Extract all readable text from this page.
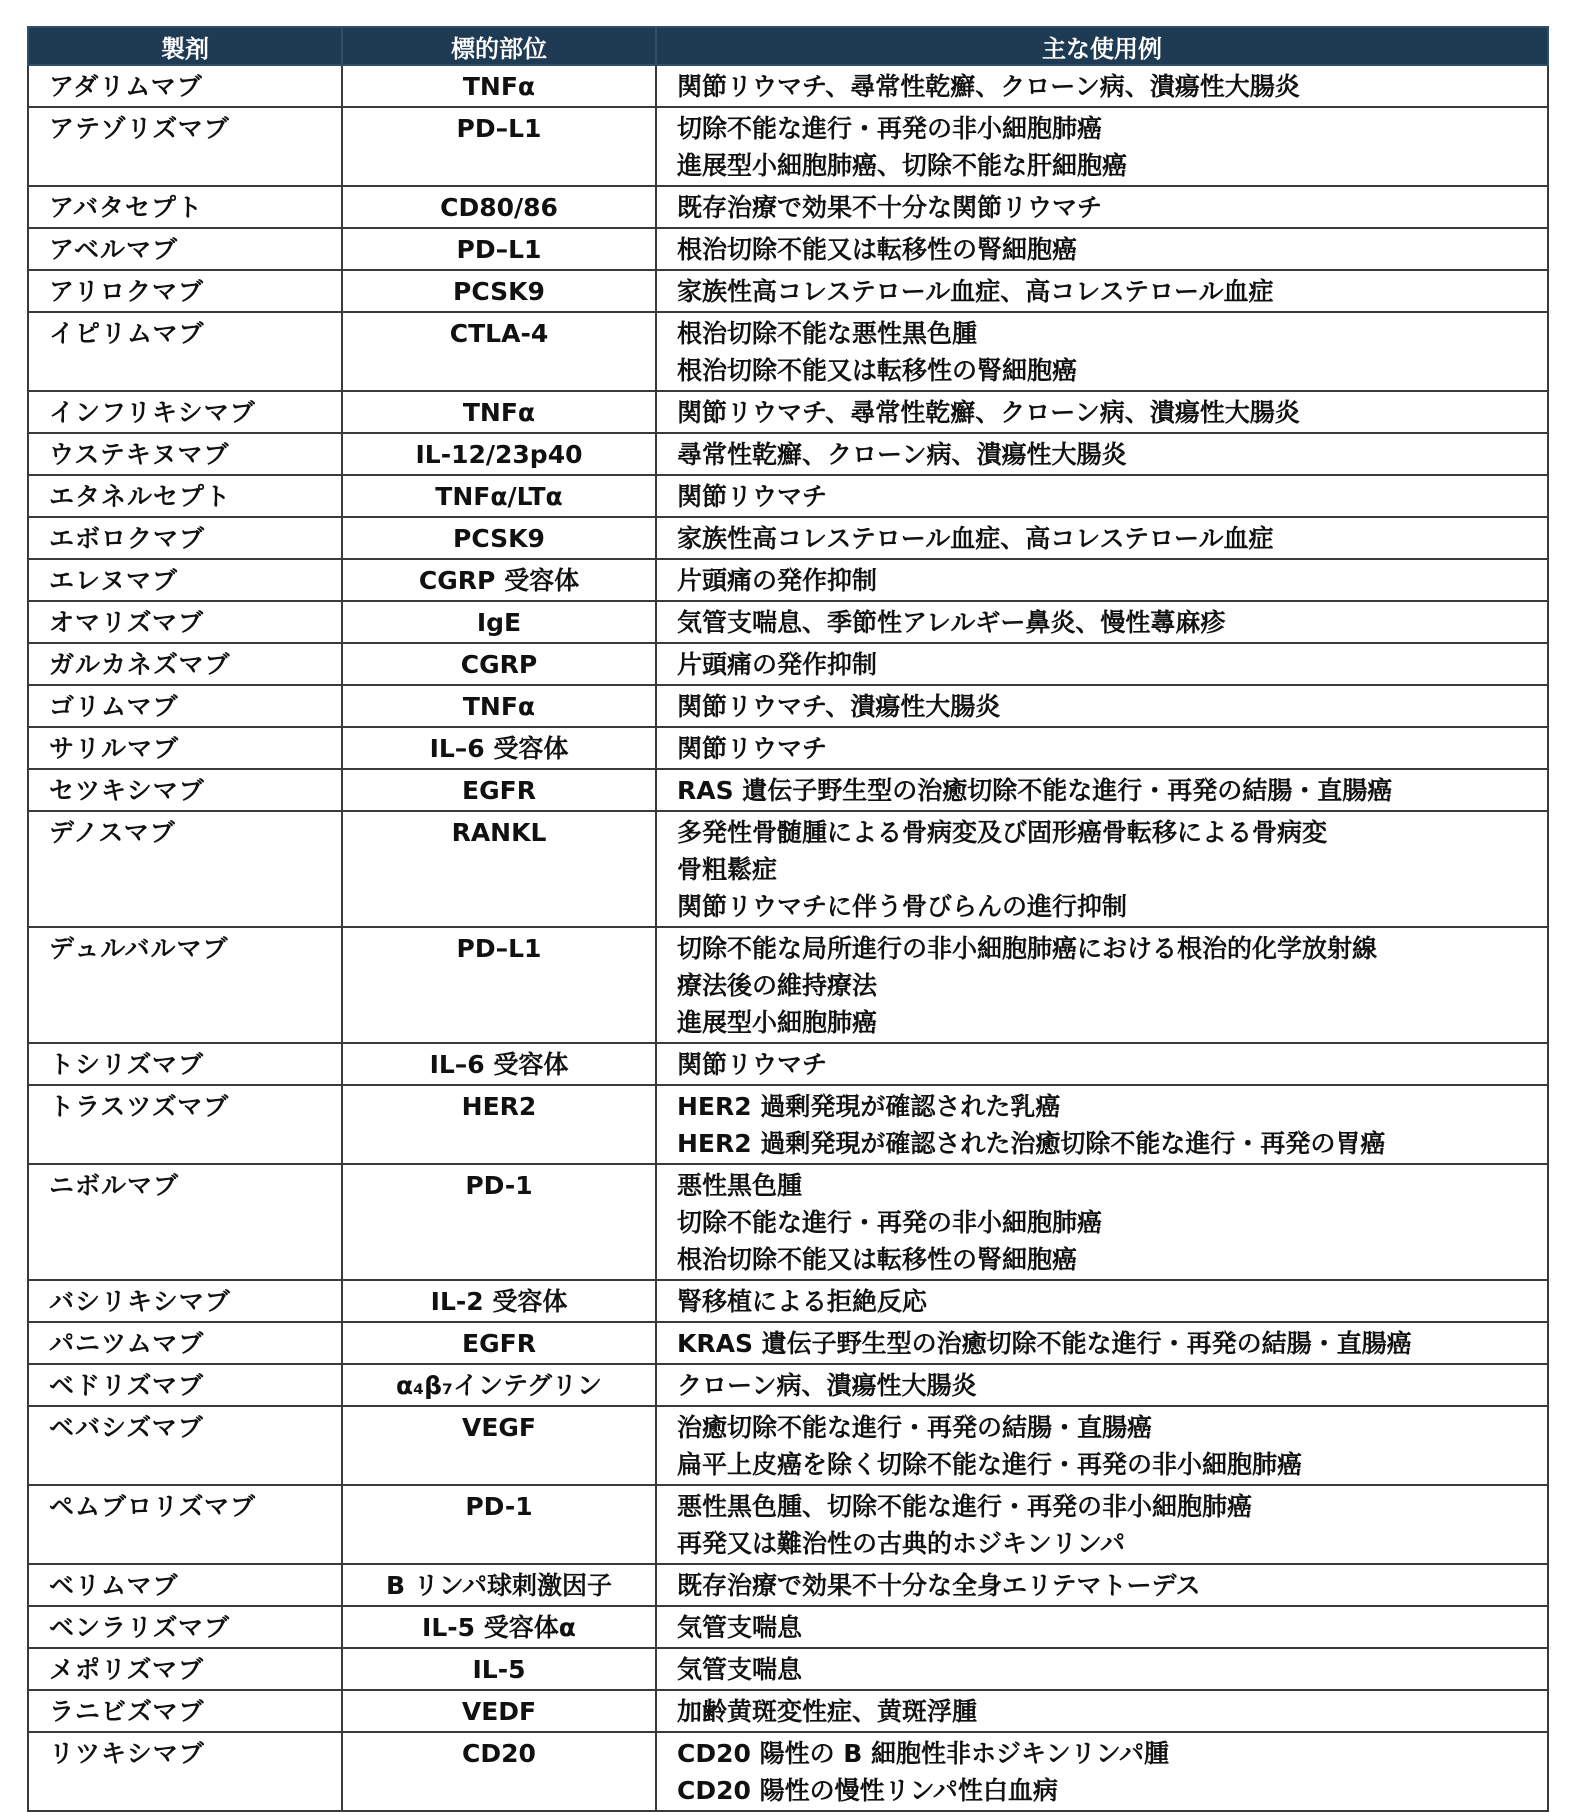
製剤	標的部位	主な使用例
アダリムマブ	TNFα	関節リウマチ、尋常性乾癬、クローン病、潰瘍性大腸炎

アテゾリズマブ	PD–L1	切除不能な進行・再発の非小細胞肺癌
進展型小細胞肺癌、切除不能な肝細胞癌

アバタセプト	CD80/86	既存治療で効果不十分な関節リウマチ

アベルマブ	PD–L1	根治切除不能又は転移性の腎細胞癌

アリロクマブ	PCSK9	家族性高コレステロール血症、高コレステロール血症

イピリムマブ	CTLA-4	根治切除不能な悪性黒色腫
根治切除不能又は転移性の腎細胞癌

インフリキシマブ	TNFα	関節リウマチ、尋常性乾癬、クローン病、潰瘍性大腸炎

ウステキヌマブ	IL-12/23p40	尋常性乾癬、クローン病、潰瘍性大腸炎

エタネルセプト	TNFα/LTα	関節リウマチ

エボロクマブ	PCSK9	家族性高コレステロール血症、高コレステロール血症

エレヌマブ	CGRP 受容体	片頭痛の発作抑制

オマリズマブ	IgE	気管支喘息、季節性アレルギー鼻炎、慢性蕁麻疹

ガルカネズマブ	CGRP	片頭痛の発作抑制

ゴリムマブ	TNFα	関節リウマチ、潰瘍性大腸炎

サリルマブ	IL–6 受容体	関節リウマチ

セツキシマブ	EGFR	RAS 遺伝子野生型の治癒切除不能な進行・再発の結腸・直腸癌

デノスマブ	RANKL	多発性骨髄腫による骨病変及び固形癌骨転移による骨病変
骨粗鬆症
関節リウマチに伴う骨びらんの進行抑制

デュルバルマブ	PD–L1	切除不能な局所進行の非小細胞肺癌における根治的化学放射線
療法後の維持療法
進展型小細胞肺癌

トシリズマブ	IL–6 受容体	関節リウマチ

トラスツズマブ	HER2	HER2 過剰発現が確認された乳癌
HER2 過剰発現が確認された治癒切除不能な進行・再発の胃癌

ニボルマブ	PD-1	悪性黒色腫
切除不能な進行・再発の非小細胞肺癌
根治切除不能又は転移性の腎細胞癌

バシリキシマブ	IL-2 受容体	腎移植による拒絶反応

パニツムマブ	EGFR	KRAS 遺伝子野生型の治癒切除不能な進行・再発の結腸・直腸癌

ベドリズマブ	α₄β₇インテグリン	クローン病、潰瘍性大腸炎

ベバシズマブ	VEGF	治癒切除不能な進行・再発の結腸・直腸癌
扁平上皮癌を除く切除不能な進行・再発の非小細胞肺癌

ペムブロリズマブ	PD-1	悪性黒色腫、切除不能な進行・再発の非小細胞肺癌
再発又は難治性の古典的ホジキンリンパ

ベリムマブ	B リンパ球刺激因子	既存治療で効果不十分な全身エリテマトーデス

ベンラリズマブ	IL-5 受容体α	気管支喘息

メポリズマブ	IL-5	気管支喘息

ラニビズマブ	VEDF	加齢黄斑変性症、黄斑浮腫

リツキシマブ	CD20	CD20 陽性の B 細胞性非ホジキンリンパ腫
CD20 陽性の慢性リンパ性白血病
